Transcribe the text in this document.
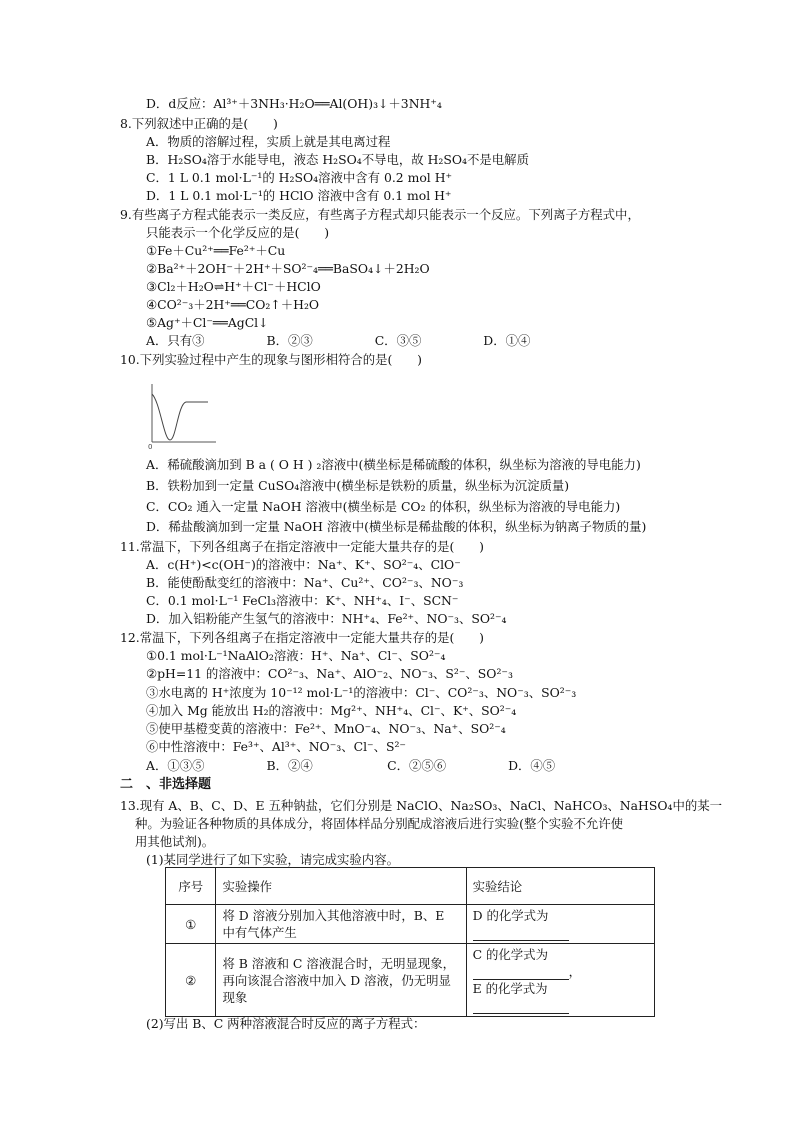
D．d反应：Al³⁺＋3NH₃·H₂O══Al(OH)₃↓＋3NH⁺₄
8.下列叙述中正确的是(　　)
A．物质的溶解过程，实质上就是其电离过程
B．H₂SO₄溶于水能导电，液态 H₂SO₄不导电，故 H₂SO₄不是电解质
C．1 L 0.1 mol·L⁻¹的 H₂SO₄溶液中含有 0.2 mol H⁺
D．1 L 0.1 mol·L⁻¹的 HClO 溶液中含有 0.1 mol H⁺
9.有些离子方程式能表示一类反应，有些离子方程式却只能表示一个反应。下列离子方程式中，
只能表示一个化学反应的是(　　)
①Fe＋Cu²⁺══Fe²⁺＋Cu
②Ba²⁺＋2OH⁻＋2H⁺＋SO²⁻₄══BaSO₄↓＋2H₂O
③Cl₂＋H₂O⇌H⁺＋Cl⁻＋HClO
④CO²⁻₃＋2H⁺══CO₂↑＋H₂O
⑤Ag⁺＋Cl⁻══AgCl↓
A．只有③　　　　　B．②③　　　　　C．③⑤　　　　　D．①④
10.下列实验过程中产生的现象与图形相符合的是(　　)
0
A．稀硫酸滴加到 B a ( O H ) ₂溶液中(横坐标是稀硫酸的体积，纵坐标为溶液的导电能力)
B．铁粉加到一定量 CuSO₄溶液中(横坐标是铁粉的质量，纵坐标为沉淀质量)
C．CO₂ 通入一定量 NaOH 溶液中(横坐标是 CO₂ 的体积，纵坐标为溶液的导电能力)
D．稀盐酸滴加到一定量 NaOH 溶液中(横坐标是稀盐酸的体积，纵坐标为钠离子物质的量)
11.常温下，下列各组离子在指定溶液中一定能大量共存的是(　　)
A．c(H⁺)<c(OH⁻)的溶液中：Na⁺、K⁺、SO²⁻₄、ClO⁻
B．能使酚酞变红的溶液中：Na⁺、Cu²⁺、CO²⁻₃、NO⁻₃
C．0.1 mol·L⁻¹ FeCl₃溶液中：K⁺、NH⁺₄、I⁻、SCN⁻
D．加入铝粉能产生氢气的溶液中：NH⁺₄、Fe²⁺、NO⁻₃、SO²⁻₄
12.常温下，下列各组离子在指定溶液中一定能大量共存的是(　　)
①0.1 mol·L⁻¹NaAlO₂溶液：H⁺、Na⁺、Cl⁻、SO²⁻₄
②pH=11 的溶液中：CO²⁻₃、Na⁺、AlO⁻₂、NO⁻₃、S²⁻、SO²⁻₃
③水电离的 H⁺浓度为 10⁻¹² mol·L⁻¹的溶液中：Cl⁻、CO²⁻₃、NO⁻₃、SO²⁻₃
④加入 Mg 能放出 H₂的溶液中：Mg²⁺、NH⁺₄、Cl⁻、K⁺、SO²⁻₄
⑤使甲基橙变黄的溶液中：Fe²⁺、MnO⁻₄、NO⁻₃、Na⁺、SO²⁻₄
⑥中性溶液中：Fe³⁺、Al³⁺、NO⁻₃、Cl⁻、S²⁻
A．①③⑤　　　　　B．②④　　　　　　C．②⑤⑥　　　　　D．④⑤
二　、非选择题
13.现有 A、B、C、D、E 五种钠盐，它们分别是 NaClO、Na₂SO₃、NaCl、NaHCO₃、NaHSO₄中的某一
种。为验证各种物质的具体成分，将固体样品分别配成溶液后进行实验(整个实验不允许使
用其他试剂)。
(1)某同学进行了如下实验，请完成实验内容。
序号	实验操作	实验结论
①	将 D 溶液分别加入其他溶液中时，B、E 中有气体产生	D 的化学式为

②	将 B 溶液和 C 溶液混合时，无明显现象，再向该混合溶液中加入 D 溶液，仍无明显现象	C 的化学式为
，
E 的化学式为

(2)写出 B、C 两种溶液混合时反应的离子方程式：
